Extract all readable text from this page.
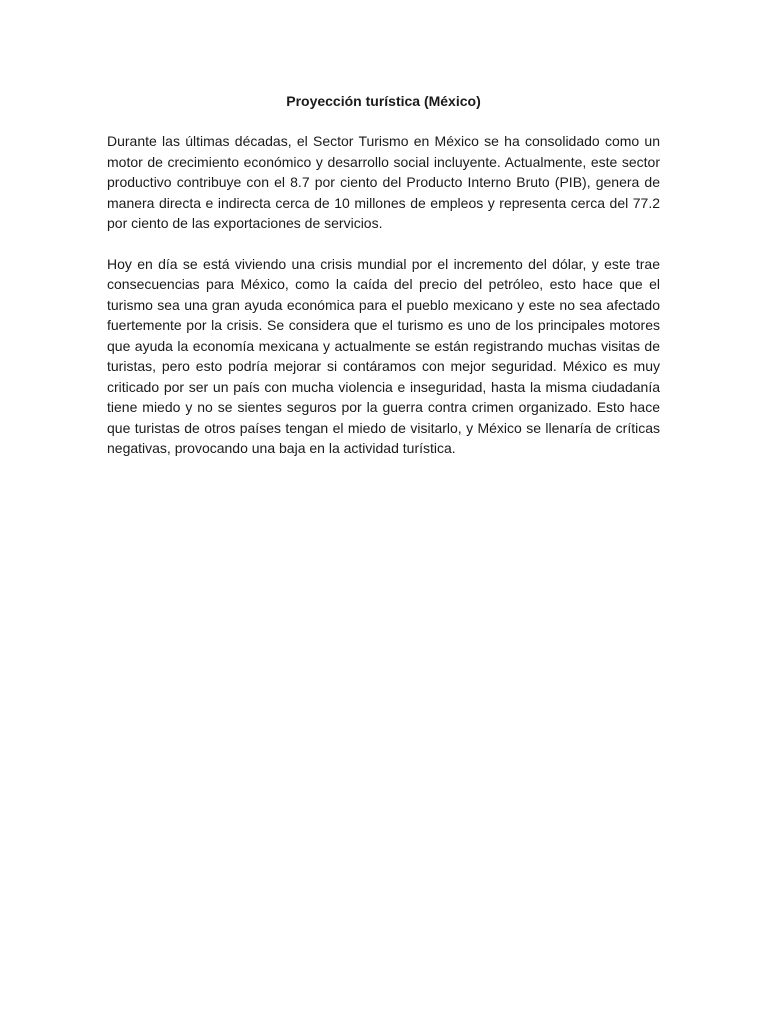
Proyección turística (México)

Durante las últimas décadas, el Sector Turismo en México se ha consolidado como un motor de crecimiento económico y desarrollo social incluyente. Actualmente, este sector productivo contribuye con el 8.7 por ciento del Producto Interno Bruto (PIB), genera de manera directa e indirecta cerca de 10 millones de empleos y representa cerca del 77.2 por ciento de las exportaciones de servicios.

Hoy en día se está viviendo una crisis mundial por el incremento del dólar, y este trae consecuencias para México, como la caída del precio del petróleo, esto hace que el turismo sea una gran ayuda económica para el pueblo mexicano y este no sea afectado fuertemente por la crisis. Se considera que el turismo es uno de los principales motores que ayuda la economía mexicana y actualmente se están registrando muchas visitas de turistas, pero esto podría mejorar si contáramos con mejor seguridad. México es muy criticado por ser un país con mucha violencia e inseguridad, hasta la misma ciudadanía tiene miedo y no se sientes seguros por la guerra contra crimen organizado. Esto hace que turistas de otros países tengan el miedo de visitarlo, y México se llenaría de críticas negativas, provocando una baja en la actividad turística.
